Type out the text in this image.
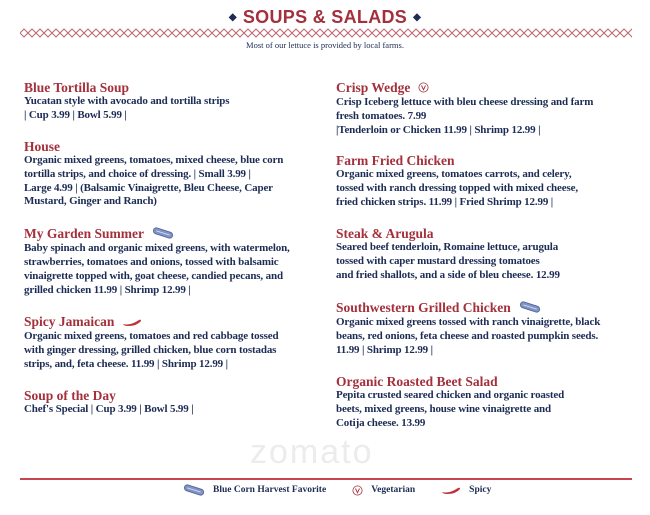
zomato
◆ SOUPS & SALADS ◆
Most of our lettuce is provided by local farms.
Blue Tortilla Soup
Yucatan style with avocado and tortilla strips
| Cup 3.99 | Bowl 5.99 |
House
Organic mixed greens, tomatoes, mixed cheese, blue corn
tortilla strips, and choice of dressing. | Small 3.99 |
Large 4.99 | (Balsamic Vinaigrette, Bleu Cheese, Caper
Mustard, Ginger and Ranch)
My Garden Summer
Baby spinach and organic mixed greens, with watermelon,
strawberries, tomatoes and onions, tossed with balsamic
vinaigrette topped with, goat cheese, candied pecans, and
grilled chicken 11.99 | Shrimp 12.99 |
Spicy Jamaican
Organic mixed greens, tomatoes and red cabbage tossed
with ginger dressing, grilled chicken, blue corn tostadas
strips, and, feta cheese. 11.99 | Shrimp 12.99 |
Soup of the Day
Chef's Special | Cup 3.99 | Bowl 5.99 |
Crisp Wedge
Crisp Iceberg lettuce with bleu cheese dressing and farm
fresh tomatoes. 7.99
|Tenderloin or Chicken 11.99 | Shrimp 12.99 |
Farm Fried Chicken
Organic mixed greens, tomatoes carrots, and celery,
tossed with ranch dressing topped with mixed cheese,
fried chicken strips. 11.99 | Fried Shrimp 12.99 |
Steak & Arugula
Seared beef tenderloin, Romaine lettuce, arugula
tossed with caper mustard dressing tomatoes
and fried shallots, and a side of bleu cheese. 12.99
Southwestern Grilled Chicken
Organic mixed greens tossed with ranch vinaigrette, black
beans, red onions, feta cheese and roasted pumpkin seeds.
11.99 | Shrimp 12.99 |
Organic Roasted Beet Salad
Pepita crusted seared chicken and organic roasted
beets, mixed greens, house wine vinaigrette and
Cotija cheese. 13.99
Blue Corn Harvest Favorite	Vegetarian	Spicy
